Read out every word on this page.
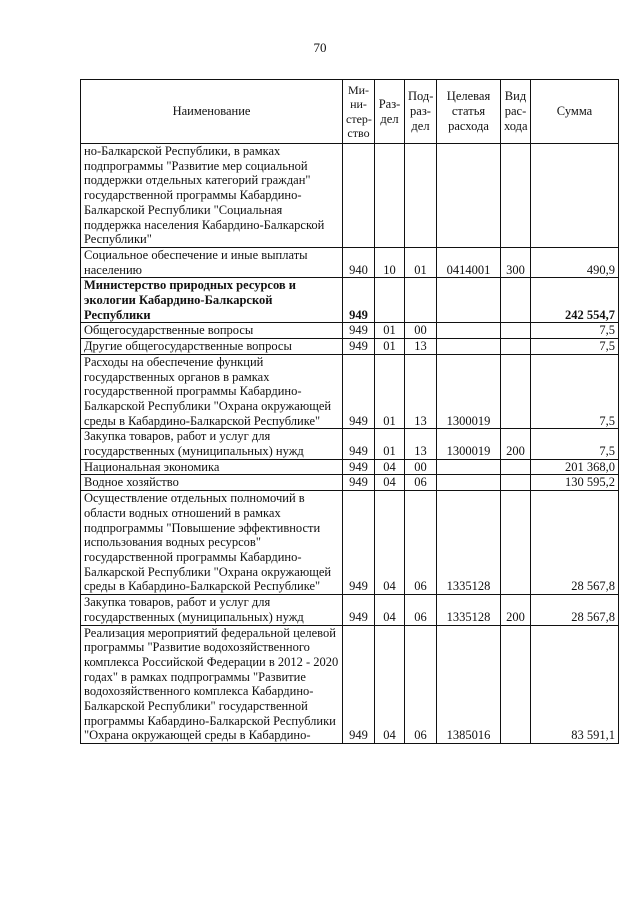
70
Наименование	Ми-ни-стер-ство	Раз-дел	Под-раз-дел	Целевая статья расхода	Вид рас-хода	Сумма
но-Балкарской Республики, в рамках подпрограммы "Развитие мер социальной поддержки отдельных категорий граждан" государственной программы Кабардино-Балкарской Республики "Социальная поддержка населения Кабардино-Балкарской Республики"						
Социальное обеспечение и иные выплаты населению	940	10	01	0414001	300	490,9
Министерство природных ресурсов и экологии Кабардино-Балкарской Республики	949					242 554,7
Общегосударственные вопросы	949	01	00			7,5
Другие общегосударственные вопросы	949	01	13			7,5
Расходы на обеспечение функций государственных органов в рамках государственной программы Кабардино-Балкарской Республики "Охрана окружающей среды в Кабардино-Балкарской Республике"	949	01	13	1300019		7,5
Закупка товаров, работ и услуг для государственных (муниципальных) нужд	949	01	13	1300019	200	7,5
Национальная экономика	949	04	00			201 368,0
Водное хозяйство	949	04	06			130 595,2
Осуществление отдельных полномочий в области водных отношений в рамках подпрограммы "Повышение эффективности использования водных ресурсов" государственной программы Кабардино-Балкарской Республики "Охрана окружающей среды в Кабардино-Балкарской Республике"	949	04	06	1335128		28 567,8
Закупка товаров, работ и услуг для государственных (муниципальных) нужд	949	04	06	1335128	200	28 567,8
Реализация мероприятий федеральной целевой программы "Развитие водохозяйственного комплекса Российской Федерации в 2012 - 2020 годах" в рамках подпрограммы "Развитие водохозяйственного комплекса Кабардино-Балкарской Республики" государственной программы Кабардино-Балкарской Республики "Охрана окружающей среды в Кабардино-	949	04	06	1385016		83 591,1
